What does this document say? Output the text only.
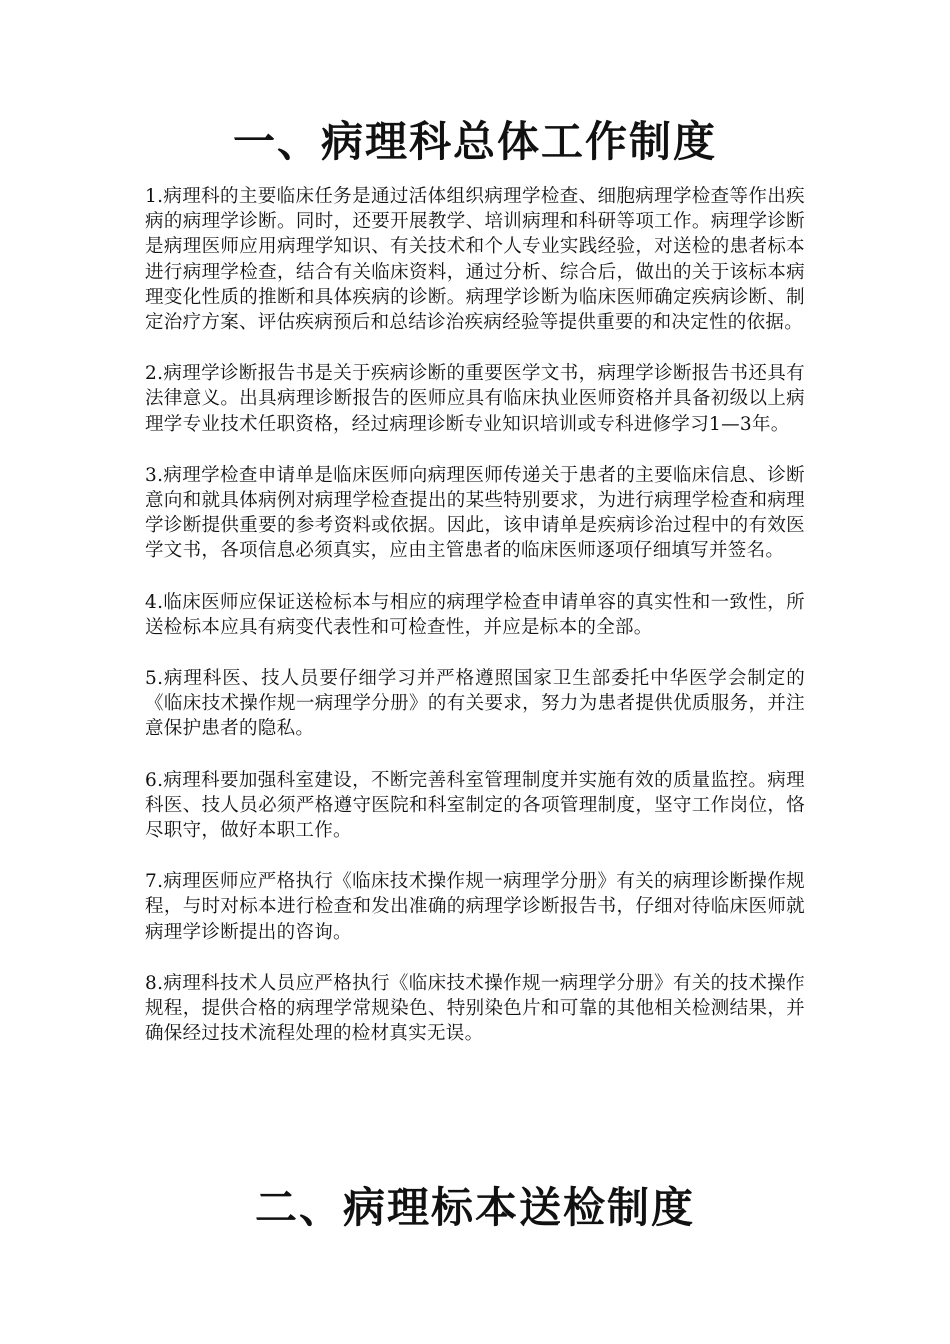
一、病理科总体工作制度

1.病理科的主要临床任务是通过活体组织病理学检查、细胞病理学检查等作出疾病的病理学诊断。同时，还要开展教学、培训病理和科研等项工作。病理学诊断是病理医师应用病理学知识、有关技术和个人专业实践经验，对送检的患者标本进行病理学检查，结合有关临床资料，通过分析、综合后，做出的关于该标本病理变化性质的推断和具体疾病的诊断。病理学诊断为临床医师确定疾病诊断、制定治疗方案、评估疾病预后和总结诊治疾病经验等提供重要的和决定性的依据。

2.病理学诊断报告书是关于疾病诊断的重要医学文书，病理学诊断报告书还具有法律意义。出具病理诊断报告的医师应具有临床执业医师资格并具备初级以上病理学专业技术任职资格，经过病理诊断专业知识培训或专科进修学习1—3年。

3.病理学检查申请单是临床医师向病理医师传递关于患者的主要临床信息、诊断意向和就具体病例对病理学检查提出的某些特别要求，为进行病理学检查和病理学诊断提供重要的参考资料或依据。因此，该申请单是疾病诊治过程中的有效医学文书，各项信息必须真实，应由主管患者的临床医师逐项仔细填写并签名。

4.临床医师应保证送检标本与相应的病理学检查申请单容的真实性和一致性，所送检标本应具有病变代表性和可检查性，并应是标本的全部。

5.病理科医、技人员要仔细学习并严格遵照国家卫生部委托中华医学会制定的《临床技术操作规一病理学分册》的有关要求，努力为患者提供优质服务，并注意保护患者的隐私。

6.病理科要加强科室建设，不断完善科室管理制度并实施有效的质量监控。病理科医、技人员必须严格遵守医院和科室制定的各项管理制度，坚守工作岗位，恪尽职守，做好本职工作。

7.病理医师应严格执行《临床技术操作规一病理学分册》有关的病理诊断操作规程，与时对标本进行检查和发出准确的病理学诊断报告书，仔细对待临床医师就病理学诊断提出的咨询。

8.病理科技术人员应严格执行《临床技术操作规一病理学分册》有关的技术操作规程，提供合格的病理学常规染色、特别染色片和可靠的其他相关检测结果，并确保经过技术流程处理的检材真实无误。

二、病理标本送检制度
